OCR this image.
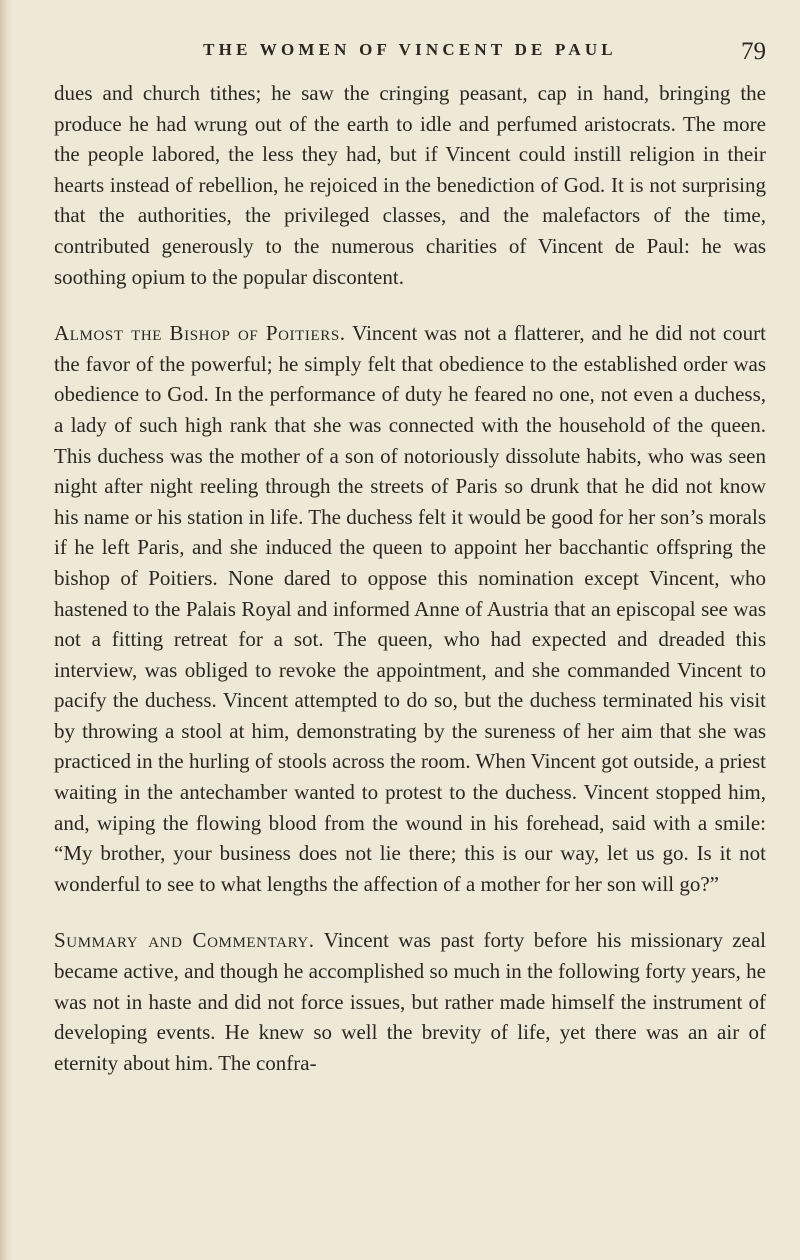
THE WOMEN OF VINCENT DE PAUL	79

dues and church tithes; he saw the cringing peasant, cap in hand, bringing the produce he had wrung out of the earth to idle and perfumed aristocrats. The more the people labored, the less they had, but if Vincent could instill religion in their hearts instead of rebellion, he rejoiced in the benediction of God. It is not surprising that the authorities, the privileged classes, and the malefactors of the time, contributed generously to the numerous charities of Vincent de Paul: he was soothing opium to the popular discontent.

Almost the Bishop of Poitiers. Vincent was not a flatterer, and he did not court the favor of the powerful; he simply felt that obedience to the established order was obedience to God. In the performance of duty he feared no one, not even a duchess, a lady of such high rank that she was connected with the household of the queen. This duchess was the mother of a son of notoriously dissolute habits, who was seen night after night reeling through the streets of Paris so drunk that he did not know his name or his station in life. The duchess felt it would be good for her son’s morals if he left Paris, and she induced the queen to appoint her bacchantic offspring the bishop of Poitiers. None dared to oppose this nomination except Vincent, who hastened to the Palais Royal and informed Anne of Austria that an episcopal see was not a fitting retreat for a sot. The queen, who had expected and dreaded this interview, was obliged to revoke the appointment, and she commanded Vincent to pacify the duchess. Vincent attempted to do so, but the duchess terminated his visit by throwing a stool at him, demonstrating by the sureness of her aim that she was practiced in the hurling of stools across the room. When Vincent got outside, a priest waiting in the antechamber wanted to protest to the duchess. Vincent stopped him, and, wiping the flowing blood from the wound in his forehead, said with a smile: “My brother, your business does not lie there; this is our way, let us go. Is it not wonderful to see to what lengths the affection of a mother for her son will go?”

Summary and Commentary. Vincent was past forty before his missionary zeal became active, and though he accomplished so much in the following forty years, he was not in haste and did not force issues, but rather made himself the instrument of developing events. He knew so well the brevity of life, yet there was an air of eternity about him. The confra-
